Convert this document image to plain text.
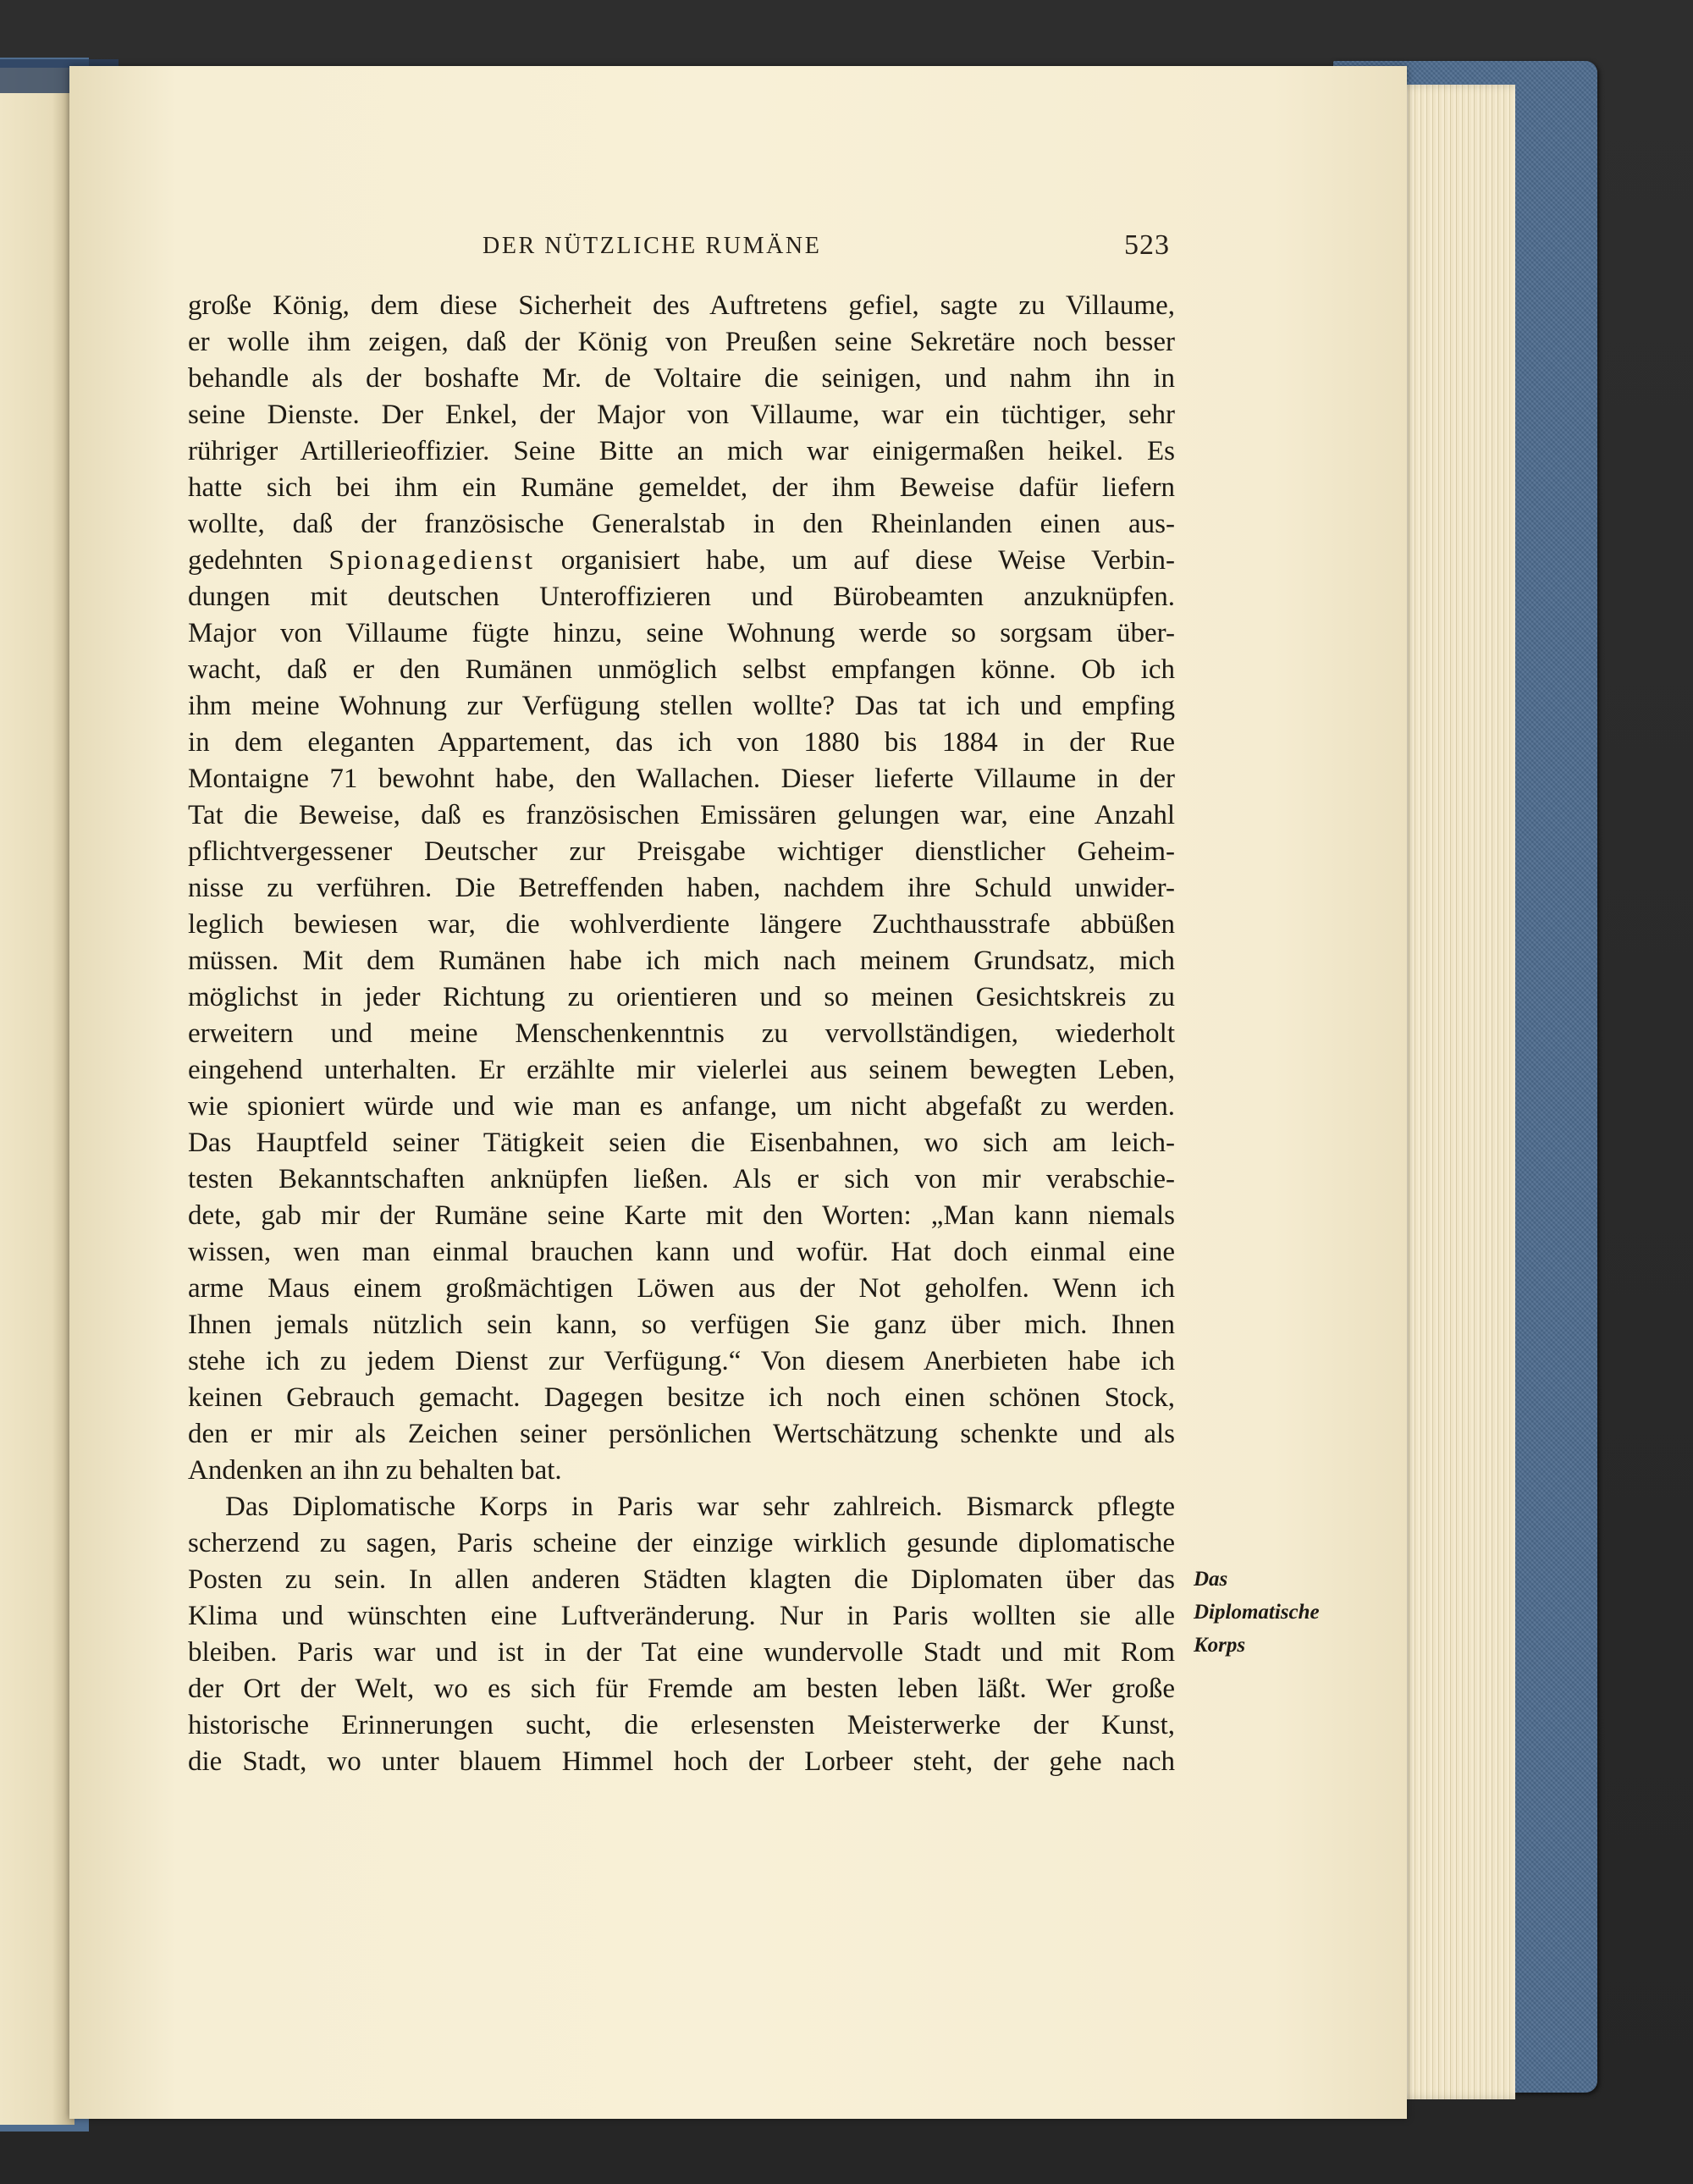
DER NÜTZLICHE RUMÄNE	523
große König, dem diese Sicherheit des Auftretens gefiel, sagte zu Villaume,
er wolle ihm zeigen, daß der König von Preußen seine Sekretäre noch besser
behandle als der boshafte Mr. de Voltaire die seinigen, und nahm ihn in
seine Dienste. Der Enkel, der Major von Villaume, war ein tüchtiger, sehr
rühriger Artillerieoffizier. Seine Bitte an mich war einigermaßen heikel. Es
hatte sich bei ihm ein Rumäne gemeldet, der ihm Beweise dafür liefern
wollte, daß der französische Generalstab in den Rheinlanden einen aus-
gedehnten Spionagedienst organisiert habe, um auf diese Weise Verbin-
dungen mit deutschen Unteroffizieren und Bürobeamten anzuknüpfen.
Major von Villaume fügte hinzu, seine Wohnung werde so sorgsam über-
wacht, daß er den Rumänen unmöglich selbst empfangen könne. Ob ich
ihm meine Wohnung zur Verfügung stellen wollte? Das tat ich und empfing
in dem eleganten Appartement, das ich von 1880 bis 1884 in der Rue
Montaigne 71 bewohnt habe, den Wallachen. Dieser lieferte Villaume in der
Tat die Beweise, daß es französischen Emissären gelungen war, eine Anzahl
pflichtvergessener Deutscher zur Preisgabe wichtiger dienstlicher Geheim-
nisse zu verführen. Die Betreffenden haben, nachdem ihre Schuld unwider-
leglich bewiesen war, die wohlverdiente längere Zuchthausstrafe abbüßen
müssen. Mit dem Rumänen habe ich mich nach meinem Grundsatz, mich
möglichst in jeder Richtung zu orientieren und so meinen Gesichtskreis zu
erweitern und meine Menschenkenntnis zu vervollständigen, wiederholt
eingehend unterhalten. Er erzählte mir vielerlei aus seinem bewegten Leben,
wie spioniert würde und wie man es anfange, um nicht abgefaßt zu werden.
Das Hauptfeld seiner Tätigkeit seien die Eisenbahnen, wo sich am leich-
testen Bekanntschaften anknüpfen ließen. Als er sich von mir verabschie-
dete, gab mir der Rumäne seine Karte mit den Worten: „Man kann niemals
wissen, wen man einmal brauchen kann und wofür. Hat doch einmal eine
arme Maus einem großmächtigen Löwen aus der Not geholfen. Wenn ich
Ihnen jemals nützlich sein kann, so verfügen Sie ganz über mich. Ihnen
stehe ich zu jedem Dienst zur Verfügung.“ Von diesem Anerbieten habe ich
keinen Gebrauch gemacht. Dagegen besitze ich noch einen schönen Stock,
den er mir als Zeichen seiner persönlichen Wertschätzung schenkte und als
Andenken an ihn zu behalten bat.
Das Diplomatische Korps in Paris war sehr zahlreich. Bismarck pflegte
scherzend zu sagen, Paris scheine der einzige wirklich gesunde diplomatische
Posten zu sein. In allen anderen Städten klagten die Diplomaten über das
Klima und wünschten eine Luftveränderung. Nur in Paris wollten sie alle
bleiben. Paris war und ist in der Tat eine wundervolle Stadt und mit Rom
der Ort der Welt, wo es sich für Fremde am besten leben läßt. Wer große
historische Erinnerungen sucht, die erlesensten Meisterwerke der Kunst,
die Stadt, wo unter blauem Himmel hoch der Lorbeer steht, der gehe nach
Das
Diplomatische
Korps
